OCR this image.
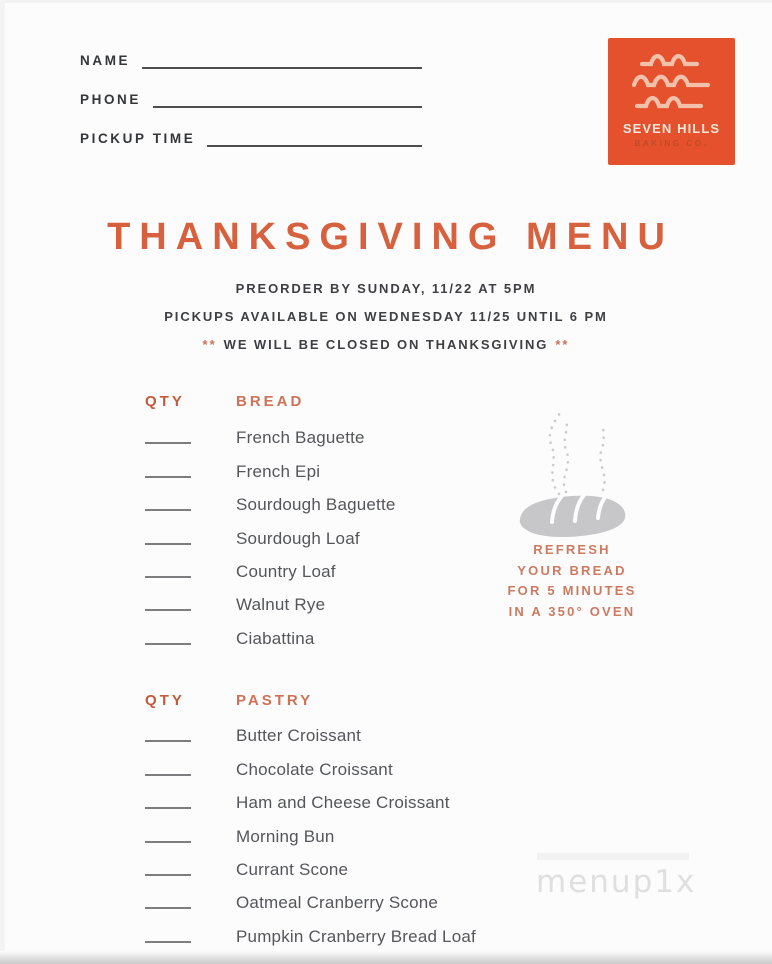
NAME
PHONE
PICKUP TIME
SEVEN HILLS
BAKING CO.
THANKSGIVING MENU
PREORDER BY SUNDAY, 11/22 AT 5PM
PICKUPS AVAILABLE ON WEDNESDAY 11/25 UNTIL 6 PM
** WE WILL BE CLOSED ON THANKSGIVING **
QTY	BREAD
French Baguette
French Epi
Sourdough Baguette
Sourdough Loaf
Country Loaf
Walnut Rye
Ciabattina
REFRESH
YOUR BREAD
FOR 5 MINUTES
IN A 350° OVEN
QTY	PASTRY
Butter Croissant
Chocolate Croissant
Ham and Cheese Croissant
Morning Bun
Currant Scone
Oatmeal Cranberry Scone
Pumpkin Cranberry Bread Loaf
menup1x
